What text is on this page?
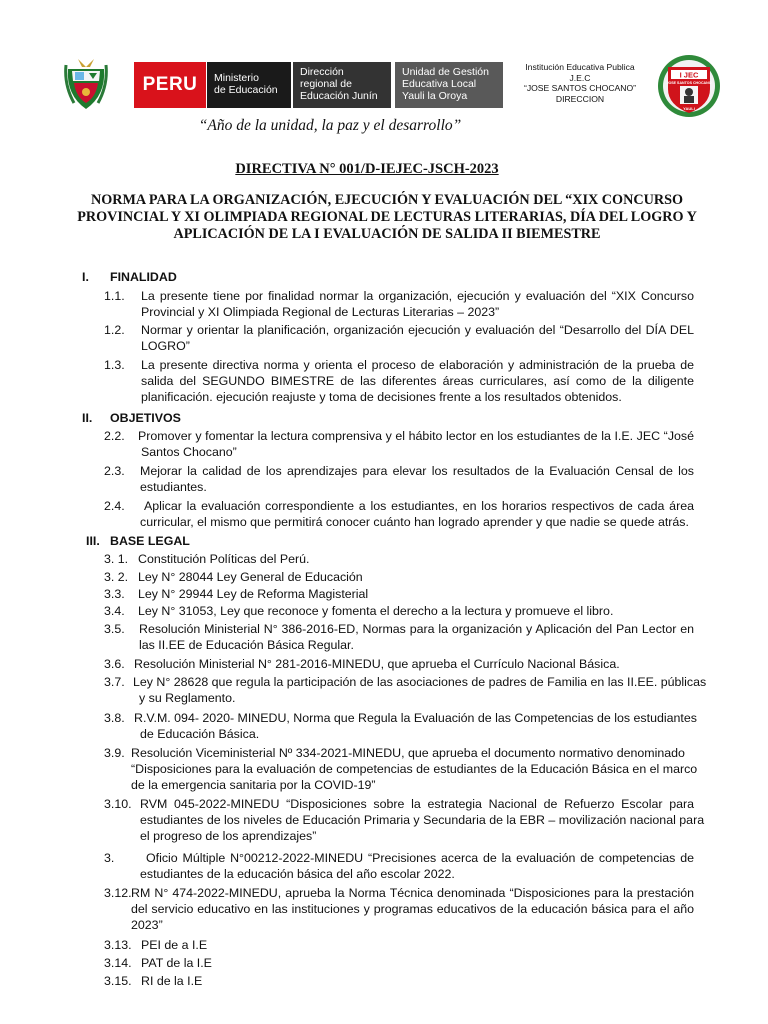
PERU	Ministerio
de Educación
Dirección
regional de
Educación Junín
Unidad de Gestión
Educativa Local
Yauli la Oroya
Institución Educativa Publica
J.E.C
“JOSE SANTOS CHOCANO”
DIRECCION
I JEC
JOSE SANTOS CHOCANO
YAULI
“Año de la unidad, la paz y el desarrollo”
DIRECTIVA N° 001/D-IEJEC-JSCH-2023
NORMA PARA LA ORGANIZACIÓN, EJECUCIÓN Y EVALUACIÓN DEL “XIX CONCURSO
PROVINCIAL Y XI OLIMPIADA REGIONAL DE LECTURAS LITERARIAS, DÍA DEL LOGRO Y
APLICACIÓN DE LA I EVALUACIÓN DE SALIDA II BIEMESTRE
I. FINALIDAD
1.1. La presente tiene por finalidad normar la organización, ejecución y evaluación del “XIX Concurso
Provincial y XI Olimpiada Regional de Lecturas Literarias – 2023”
1.2. Normar y orientar la planificación, organización ejecución y evaluación del “Desarrollo del DÍA DEL
LOGRO”
1.3. La presente directiva norma y orienta el proceso de elaboración y administración de la prueba de
salida del SEGUNDO BIMESTRE de las diferentes áreas curriculares, así como de la diligente
planificación. ejecución reajuste y toma de decisiones frente a los resultados obtenidos.
II. OBJETIVOS
2.2. Promover y fomentar la lectura comprensiva y el hábito lector en los estudiantes de la I.E. JEC “José
Santos Chocano”
2.3. Mejorar la calidad de los aprendizajes para elevar los resultados de la Evaluación Censal de los
estudiantes.
2.4.	Aplicar la evaluación correspondiente a los estudiantes, en los horarios respectivos de cada área
curricular, el mismo que permitirá conocer cuánto han logrado aprender y que nadie se quede atrás.
III. BASE LEGAL
3. 1. Constitución Políticas del Perú.
3. 2. Ley N° 28044 Ley General de Educación
3.3. Ley N° 29944 Ley de Reforma Magisterial
3.4. Ley N° 31053, Ley que reconoce y fomenta el derecho a la lectura y promueve el libro.
3.5. Resolución Ministerial N° 386-2016-ED, Normas para la organización y Aplicación del Pan Lector en
las II.EE de Educación Básica Regular.
3.6. Resolución Ministerial N° 281-2016-MINEDU, que aprueba el Currículo Nacional Básica.
3.7. Ley N° 28628 que regula la participación de las asociaciones de padres de Familia en las II.EE. públicas
y su Reglamento.
3.8. R.V.M. 094- 2020- MINEDU, Norma que Regula la Evaluación de las Competencias de los estudiantes
de Educación Básica.
3.9. Resolución Viceministerial Nº 334-2021-MINEDU, que aprueba el documento normativo denominado
“Disposiciones para la evaluación de competencias de estudiantes de la Educación Básica en el marco
de la emergencia sanitaria por la COVID-19”
3.10. RVM 045-2022-MINEDU “Disposiciones sobre la estrategia Nacional de Refuerzo Escolar para
estudiantes de los niveles de Educación Primaria y Secundaria de la EBR – movilización nacional para
el progreso de los aprendizajes”
3.	Oficio Múltiple N°00212-2022-MINEDU “Precisiones acerca de la evaluación de competencias de
estudiantes de la educación básica del año escolar 2022.
3.12. RM N° 474-2022-MINEDU, aprueba la Norma Técnica denominada “Disposiciones para la prestación
del servicio educativo en las instituciones y programas educativos de la educación básica para el año
2023”
3.13. PEI de a I.E
3.14. PAT de la I.E
3.15. RI de la I.E
